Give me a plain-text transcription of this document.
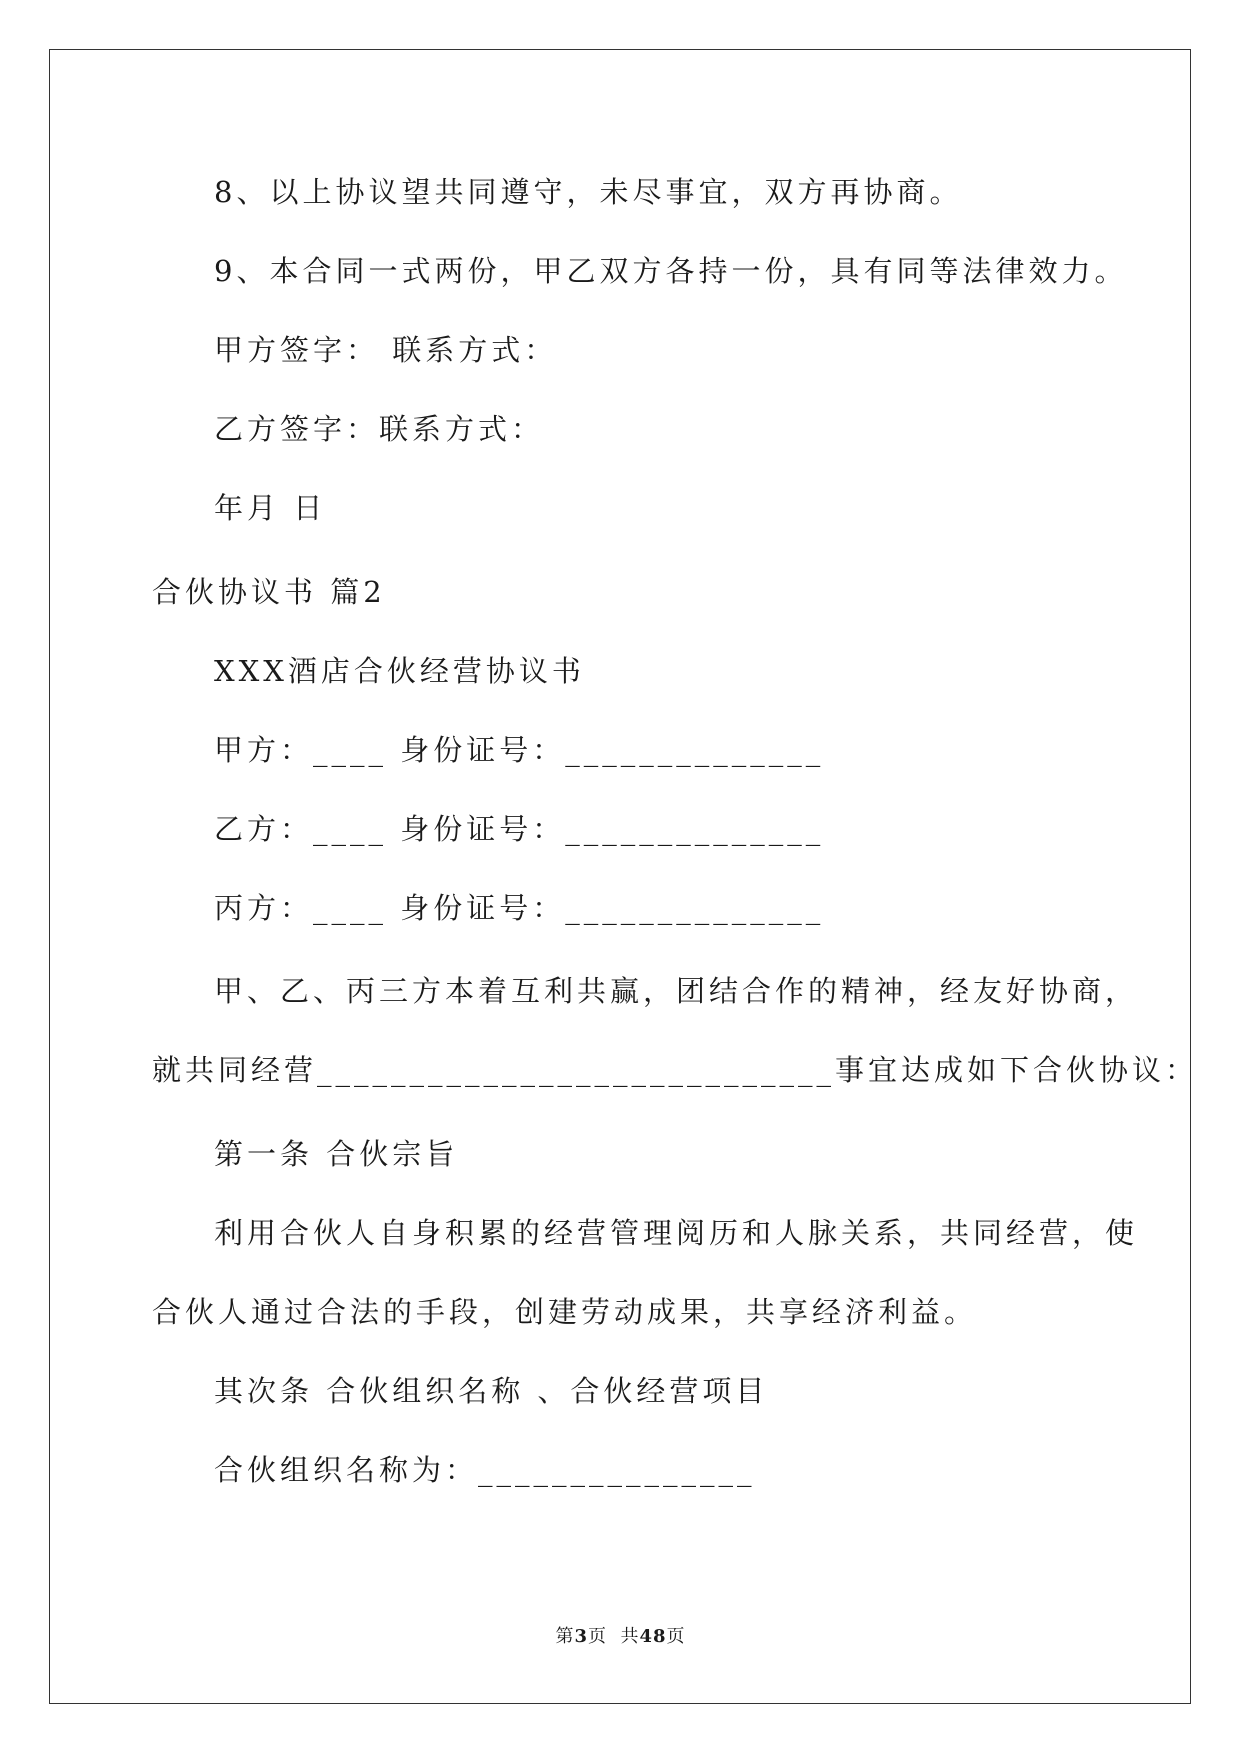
8、以上协议望共同遵守，未尽事宜，双方再协商。
9、本合同一式两份，甲乙双方各持一份，具有同等法律效力。
甲方签字： 联系方式：
乙方签字：联系方式：
年月 日
合伙协议书 篇2
XXX酒店合伙经营协议书
甲方：____ 身份证号：______________
乙方：____ 身份证号：______________
丙方：____ 身份证号：______________
甲、乙、丙三方本着互利共赢，团结合作的精神，经友好协商，
就共同经营____________________________事宜达成如下合伙协议：
第一条 合伙宗旨
利用合伙人自身积累的经营管理阅历和人脉关系，共同经营，使
合伙人通过合法的手段，创建劳动成果，共享经济利益。
其次条 合伙组织名称 、合伙经营项目
合伙组织名称为：_______________
第3页  共48页
